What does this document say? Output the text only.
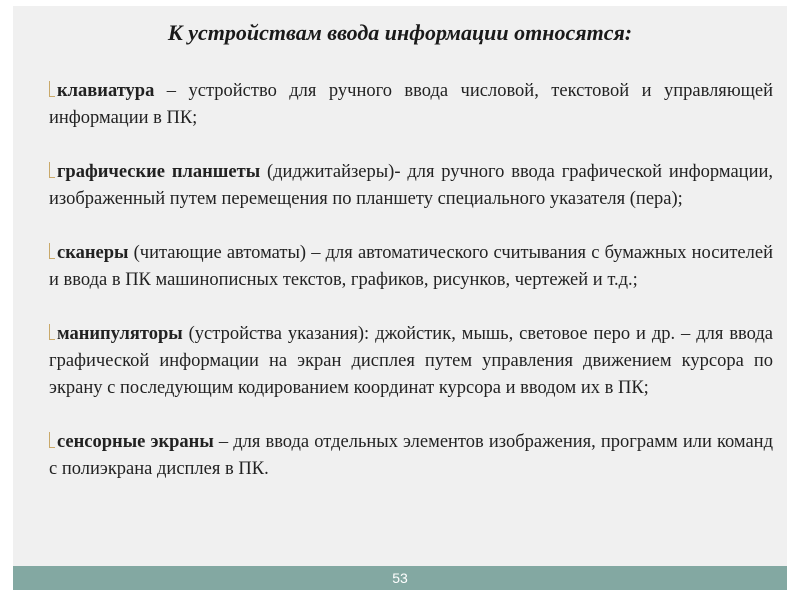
К устройствам ввода информации относятся:

клавиатура – устройство для ручного ввода числовой, текстовой и управляющей информации в ПК;

графические планшеты (диджитайзеры)- для ручного ввода графической информации, изображенный путем перемещения по планшету специального указателя (пера);

сканеры (читающие автоматы) – для автоматического считывания с бумажных носителей и ввода в ПК машинописных текстов, графиков, рисунков, чертежей и т.д.;

манипуляторы (устройства указания): джойстик, мышь, световое перо и др. – для ввода графической информации на экран дисплея путем управления движением курсора по экрану с последующим кодированием координат курсора и вводом их в ПК;

сенсорные экраны – для ввода отдельных элементов изображения, программ или команд с полиэкрана дисплея в ПК.

53
